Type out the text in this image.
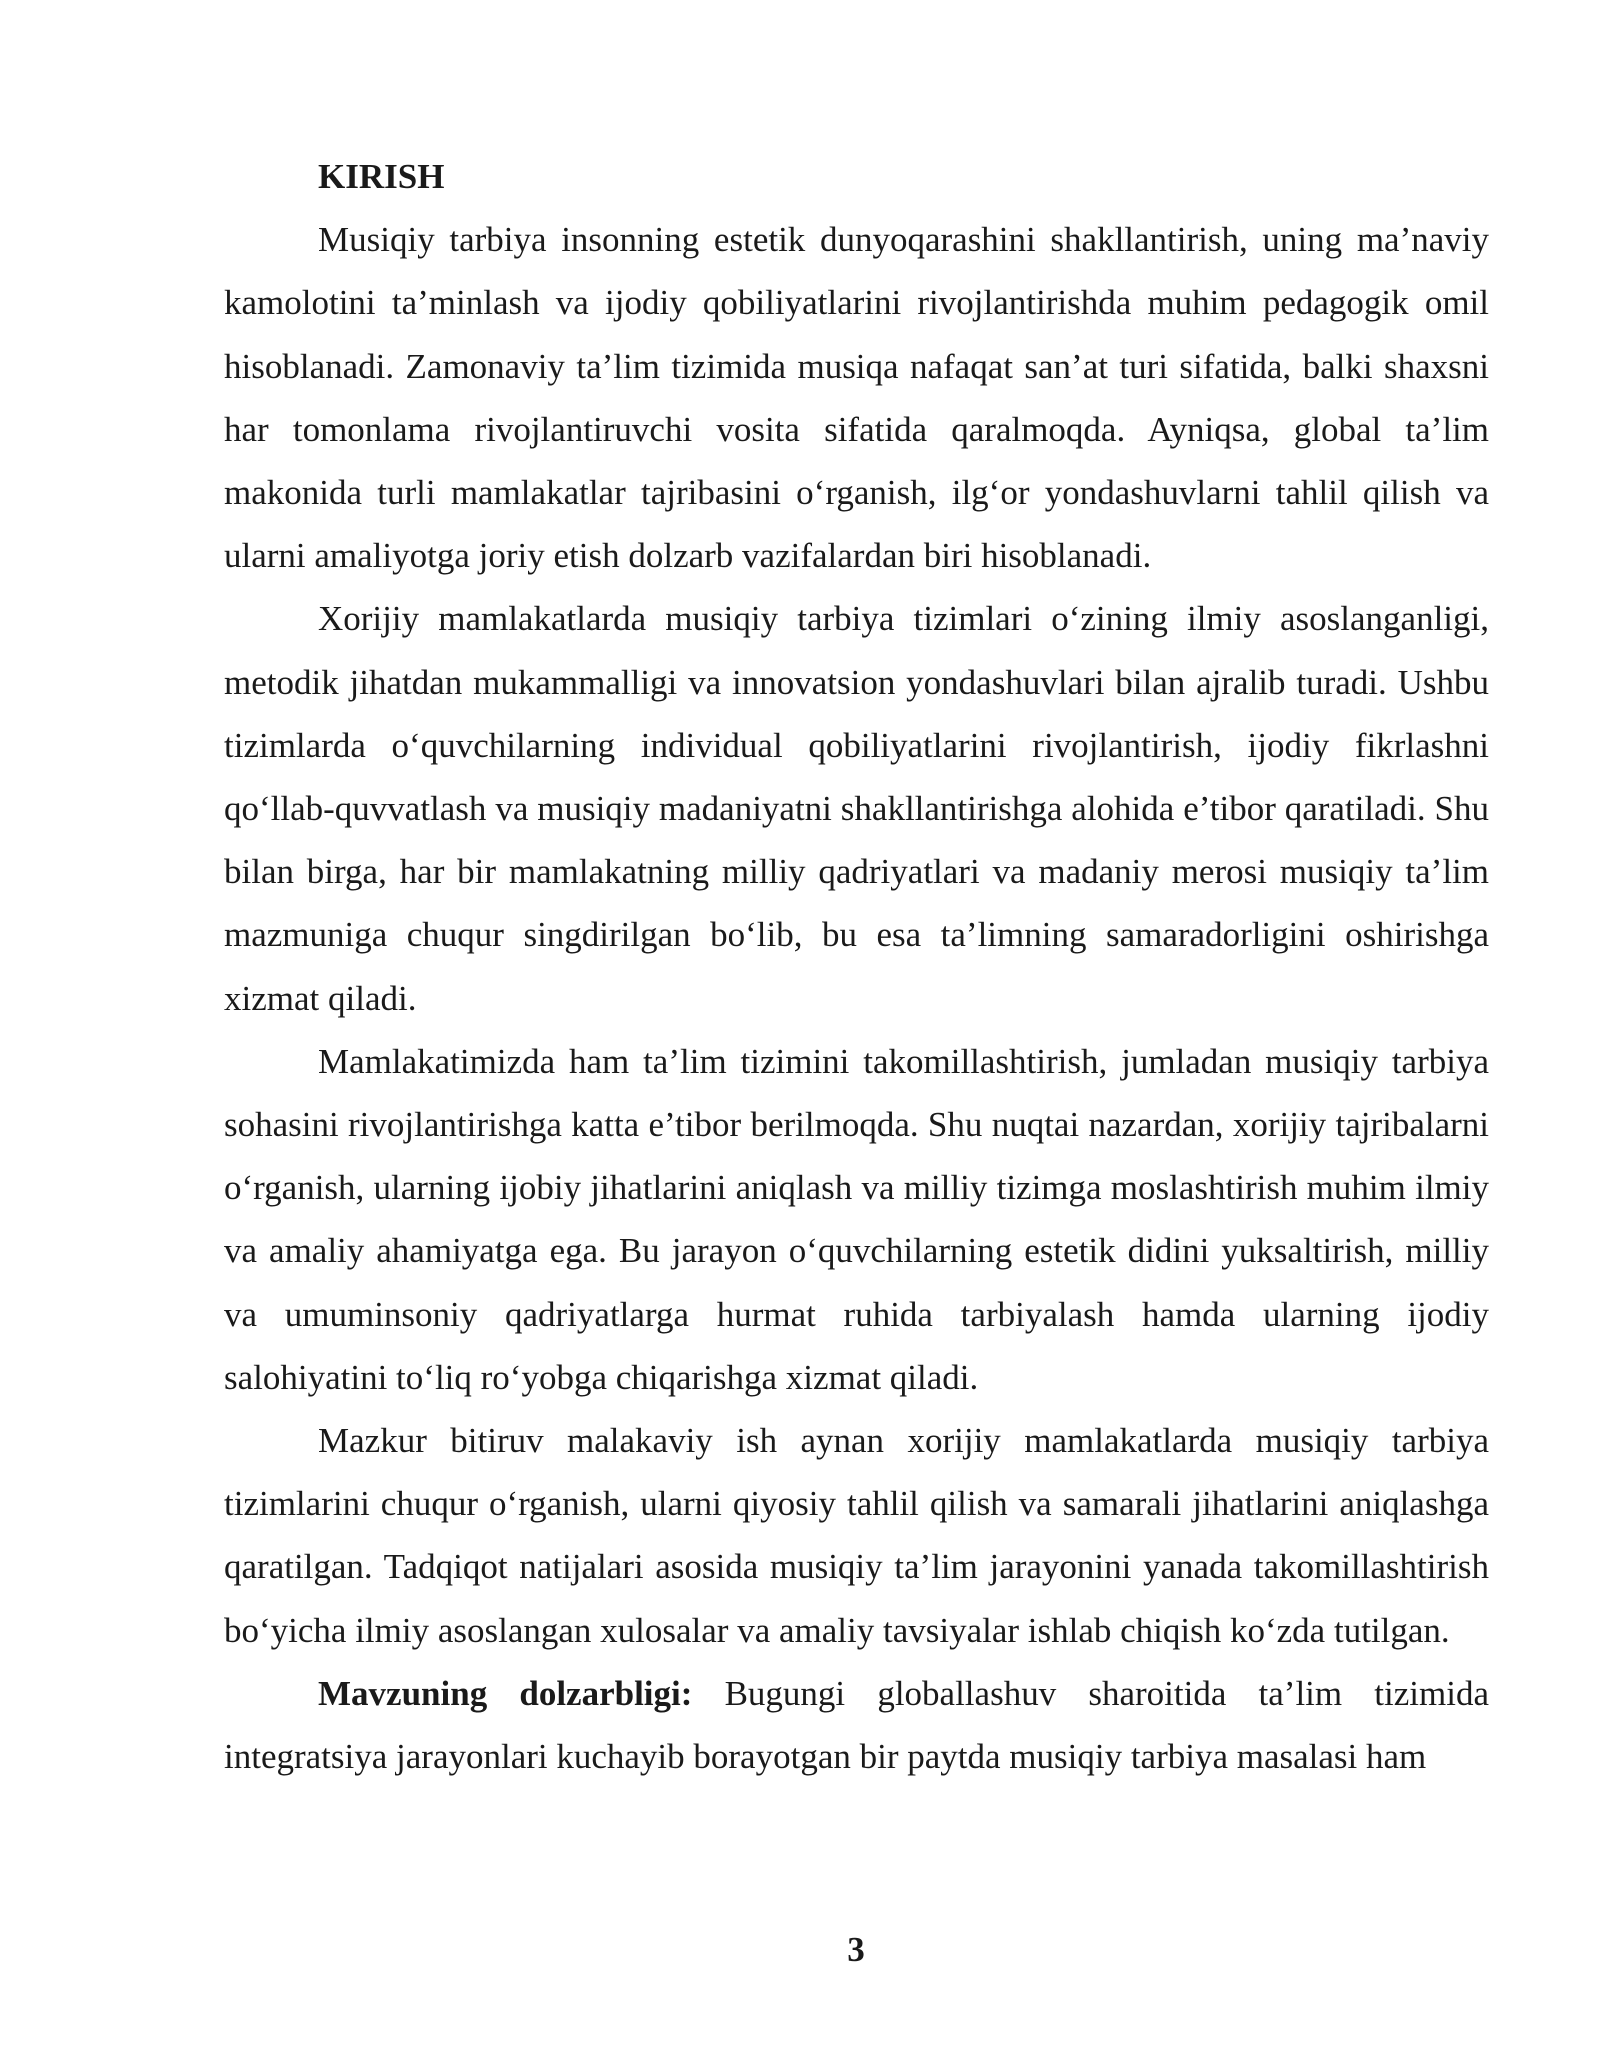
KIRISH

Musiqiy tarbiya insonning estetik dunyoqarashini shakllantirish, uning ma’naviy kamolotini ta’minlash va ijodiy qobiliyatlarini rivojlantirishda muhim pedagogik omil hisoblanadi. Zamonaviy ta’lim tizimida musiqa nafaqat san’at turi sifatida, balki shaxsni har tomonlama rivojlantiruvchi vosita sifatida qaralmoqda. Ayniqsa, global ta’lim makonida turli mamlakatlar tajribasini o‘rganish, ilg‘or yondashuvlarni tahlil qilish va ularni amaliyotga joriy etish dolzarb vazifalardan biri hisoblanadi.

Xorijiy mamlakatlarda musiqiy tarbiya tizimlari o‘zining ilmiy asoslanganligi, metodik jihatdan mukammalligi va innovatsion yondashuvlari bilan ajralib turadi. Ushbu tizimlarda o‘quvchilarning individual qobiliyatlarini rivojlantirish, ijodiy fikrlashni qo‘llab-quvvatlash va musiqiy madaniyatni shakllantirishga alohida e’tibor qaratiladi. Shu bilan birga, har bir mamlakatning milliy qadriyatlari va madaniy merosi musiqiy ta’lim mazmuniga chuqur singdirilgan bo‘lib, bu esa ta’limning samaradorligini oshirishga xizmat qiladi.

Mamlakatimizda ham ta’lim tizimini takomillashtirish, jumladan musiqiy tarbiya sohasini rivojlantirishga katta e’tibor berilmoqda. Shu nuqtai nazardan, xorijiy tajribalarni o‘rganish, ularning ijobiy jihatlarini aniqlash va milliy tizimga moslashtirish muhim ilmiy va amaliy ahamiyatga ega. Bu jarayon o‘quvchilarning estetik didini yuksaltirish, milliy va umuminsoniy qadriyatlarga hurmat ruhida tarbiyalash hamda ularning ijodiy salohiyatini to‘liq ro‘yobga chiqarishga xizmat qiladi.

Mazkur bitiruv malakaviy ish aynan xorijiy mamlakatlarda musiqiy tarbiya tizimlarini chuqur o‘rganish, ularni qiyosiy tahlil qilish va samarali jihatlarini aniqlashga qaratilgan. Tadqiqot natijalari asosida musiqiy ta’lim jarayonini yanada takomillashtirish bo‘yicha ilmiy asoslangan xulosalar va amaliy tavsiyalar ishlab chiqish ko‘zda tutilgan.

Mavzuning dolzarbligi: Bugungi globallashuv sharoitida ta’lim tizimida integratsiya jarayonlari kuchayib borayotgan bir paytda musiqiy tarbiya masalasi ham

3
